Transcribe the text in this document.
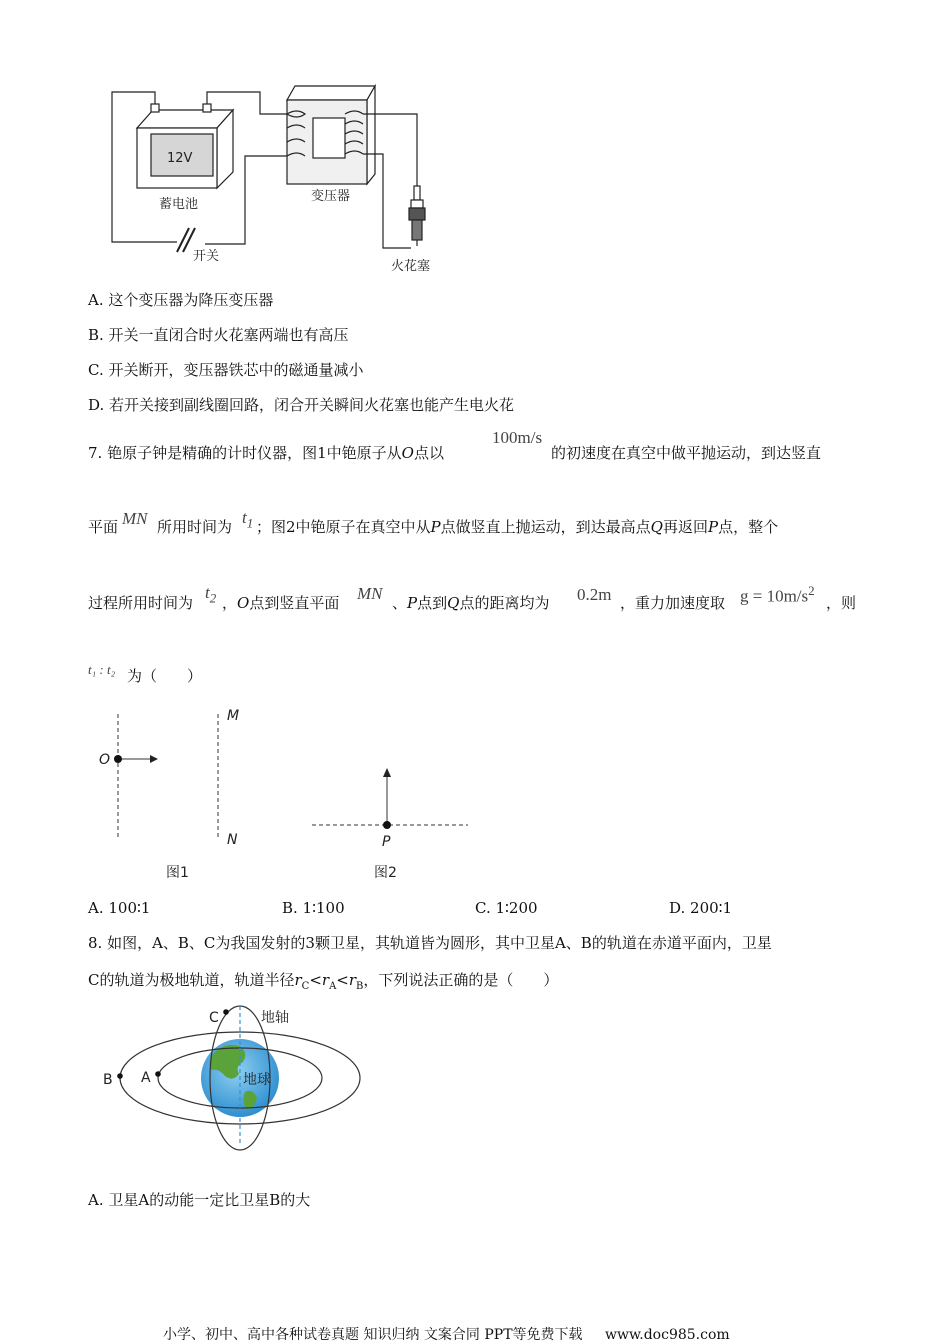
12V
蓄电池
变压器
开关
火花塞
A. 这个变压器为降压变压器
B. 开关一直闭合时火花塞两端也有高压
C. 开关断开，变压器铁芯中的磁通量减小
D. 若开关接到副线圈回路，闭合开关瞬间火花塞也能产生电火花
7. 铯原子钟是精确的计时仪器，图1中铯原子从O点以
100m/s
的初速度在真空中做平抛运动，到达竖直
平面 MN 所用时间为 $t_1$ ；图2中铯原子在真空中从P点做竖直上抛运动，到达最高点Q再返回P点，整个
过程所用时间为
$t_2$ ，O点到竖直平面 MN 、P点到Q点的距离均为 0.2m ，重力加速度取 $g = 10m/s^2$
，则
t₁ : t₂ 为（　　）
O
M
N	P
图1	图2
A. 100∶1	B. 1∶100	C. 1∶200	D. 200∶1
8. 如图，A、B、C为我国发射的3颗卫星，其轨道皆为圆形，其中卫星A、B的轨道在赤道平面内，卫星
C的轨道为极地轨道，轨道半径$r_C<r_A<r_B$，下列说法正确的是（　　）
C	地轴
B A	地球
A. 卫星A的动能一定比卫星B的大
小学、初中、高中各种试卷真题 知识归纳 文案合同 PPT等免费下载 www.doc985.com
